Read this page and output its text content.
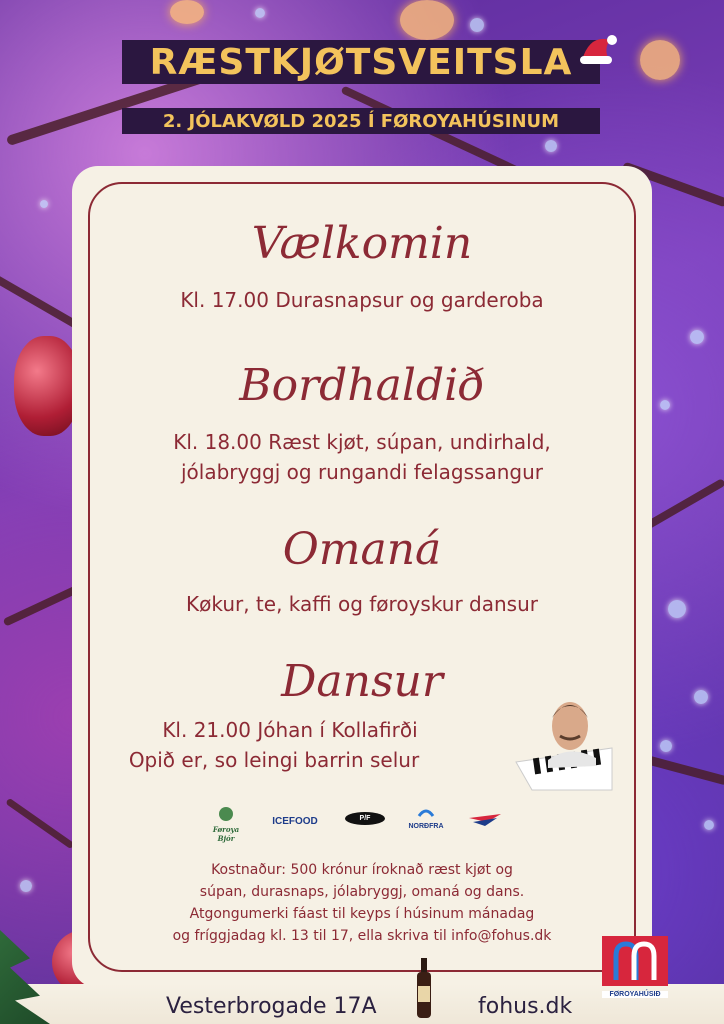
RÆSTKJØTSVEITSLA
2. JÓLAKVØLD 2025 Í FØROYAHÚSINUM
Vælkomin
Kl. 17.00 Durasnapsur og garderoba
Bordhaldið
Kl. 18.00 Ræst kjøt, súpan, undirhald,
jólabryggj og rungandi felagssangur
Omaná
Køkur, te, kaffi og føroyskur dansur
Dansur
Kl. 21.00 Jóhan í Kollafirði
Opið er, so leingi barrin selur
Føroya Bjór
ICEFOOD	P/F
NORÐFRA
Kostnaður: 500 krónur íroknað ræst kjøt og
súpan, durasnaps, jólabryggj, omaná og dans.
Atgongumerki fáast til keyps í húsinum mánadag
og fríggjadag kl. 13 til 17, ella skriva til info@fohus.dk
Vesterbrogade 17A	fohus.dk	FØROYAHÚSIÐ
